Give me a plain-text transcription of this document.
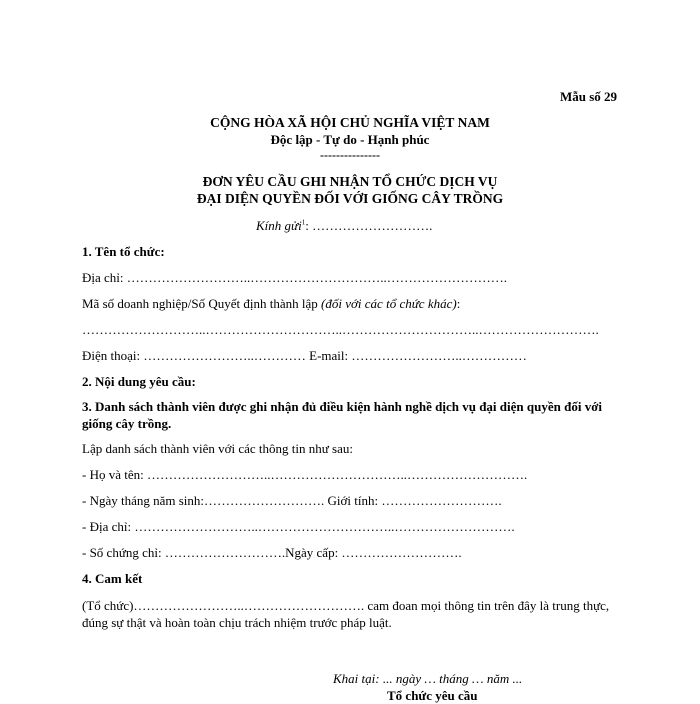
Mẫu số 29
CỘNG HÒA XÃ HỘI CHỦ NGHĨA VIỆT NAM
Độc lập - Tự do - Hạnh phúc
---------------
ĐƠN YÊU CẦU GHI NHẬN TỔ CHỨC DỊCH VỤ
ĐẠI DIỆN QUYỀN ĐỐI VỚI GIỐNG CÂY TRỒNG
Kính gửi$^1$: ……………………….
1. Tên tổ chức:
Địa chỉ: ………………………..…………………………..……………………….
Mã số doanh nghiệp/Số Quyết định thành lập (đối với các tổ chức khác):
………………………..…………………………..…………………………..……………………….
Điện thoại: ……………………..………… E-mail: ……………………..……………
2. Nội dung yêu cầu:
3. Danh sách thành viên được ghi nhận đủ điều kiện hành nghề dịch vụ đại diện quyền đối với giống cây trồng.
Lập danh sách thành viên với các thông tin như sau:
- Họ và tên: ………………………..…………………………..……………………….
- Ngày tháng năm sinh:………………………. Giới tính: ……………………….
- Địa chỉ: ………………………..…………………………..……………………….
- Số chứng chỉ: ……………………….Ngày cấp: ……………………….
4. Cam kết
(Tổ chức)……………………..………………………. cam đoan mọi thông tin trên đây là trung thực, đúng sự thật và hoàn toàn chịu trách nhiệm trước pháp luật.
Khai tại: ... ngày … tháng … năm ...
Tổ chức yêu cầu
